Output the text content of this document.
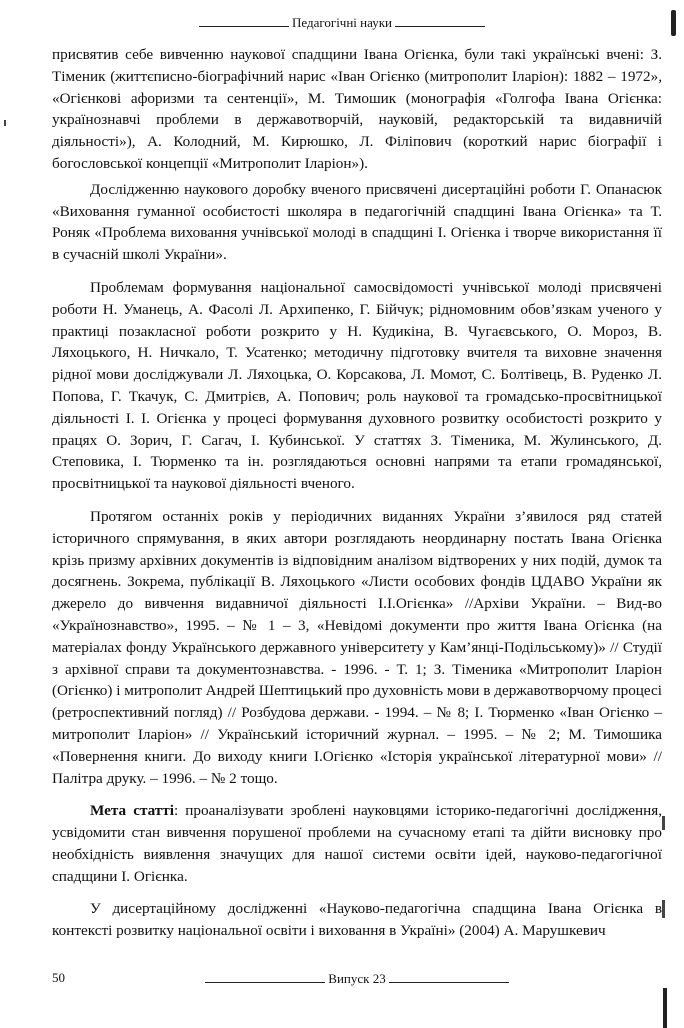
Педагогічні науки

присвятив себе вивченню наукової спадщини Івана Огієнка, були такі українські вчені: З. Тіменик (життєписно-біографічний нарис «Іван Огієнко (митрополит Іларіон): 1882 – 1972», «Огієнкові афоризми та сентенції», М. Тимошик (монографія «Голгофа Івана Огієнка: українознавчі проблеми в державотворчій, науковій, редакторській та видавничій діяльності»), А. Колодний, М. Кирюшко, Л. Філіпович (короткий нарис біографії і богословської концепції «Митрополит Іларіон»).

Дослідженню наукового доробку вченого присвячені дисертаційні роботи Г. Опанасюк «Виховання гуманної особистості школяра в педагогічній спадщині Івана Огієнка» та Т. Роняк «Проблема виховання учнівської молоді в спадщині І. Огієнка і творче використання її в сучасній школі України».

Проблемам формування національної самосвідомості учнівської молоді присвячені роботи Н. Уманець, А. Фасолі Л. Архипенко, Г. Бійчук; рідномовним обов’язкам ученого у практиці позакласної роботи розкрито у Н. Кудикіна, В. Чугаєвського, О. Мороз, В. Ляхоцького, Н. Ничкало, Т. Усатенко; методичну підготовку вчителя та виховне значення рідної мови досліджували Л. Ляхоцька, О. Корсакова, Л. Момот, С. Болтівець, В. Руденко Л. Попова, Г. Ткачук, С. Дмитрієв, А. Попович; роль наукової та громадсько-просвітницької діяльності І. І. Огієнка у процесі формування духовного розвитку особистості розкрито у працях О. Зорич, Г. Сагач, І. Кубинської. У статтях З. Тіменика, М. Жулинського, Д. Степовика, І. Тюрменко та ін. розглядаються основні напрями та етапи громадянської, просвітницької та наукової діяльності вченого.

Протягом останніх років у періодичних виданнях України з’явилося ряд статей історичного спрямування, в яких автори розглядають неординарну постать Івана Огієнка крізь призму архівних документів із відповідним аналізом відтворених у них подій, думок та досягнень. Зокрема, публікації В. Ляхоцького «Листи особових фондів ЦДАВО України як джерело до вивчення видавничої діяльності І.І.Огієнка» //Архіви України. – Вид-во «Українознавство», 1995. – № 1 – 3, «Невідомі документи про життя Івана Огієнка (на матеріалах фонду Українського державного університету у Кам’янці-Подільському)» // Студії з архівної справи та документознавства. - 1996. - Т. 1; З. Тіменика «Митрополит Іларіон (Огієнко) і митрополит Андрей Шептицький про духовність мови в державотворчому процесі (ретроспективний погляд) // Розбудова держави. - 1994. – № 8; І. Тюрменко «Іван Огієнко – митрополит Іларіон» // Український історичний журнал. – 1995. – № 2; М. Тимошика «Повернення книги. До виходу книги І.Огієнко «Історія української літературної мови» // Палітра друку. – 1996. – № 2 тощо.

Мета статті: проаналізувати зроблені науковцями історико-педагогічні дослідження, усвідомити стан вивчення порушеної проблеми на сучасному етапі та дійти висновку про необхідність виявлення значущих для нашої системи освіти ідей, науково-педагогічної спадщини І. Огієнка.

У дисертаційному дослідженні «Науково-педагогічна спадщина Івана Огієнка в контексті розвитку національної освіти і виховання в Україні» (2004) А. Марушкевич

50	Випуск 23
